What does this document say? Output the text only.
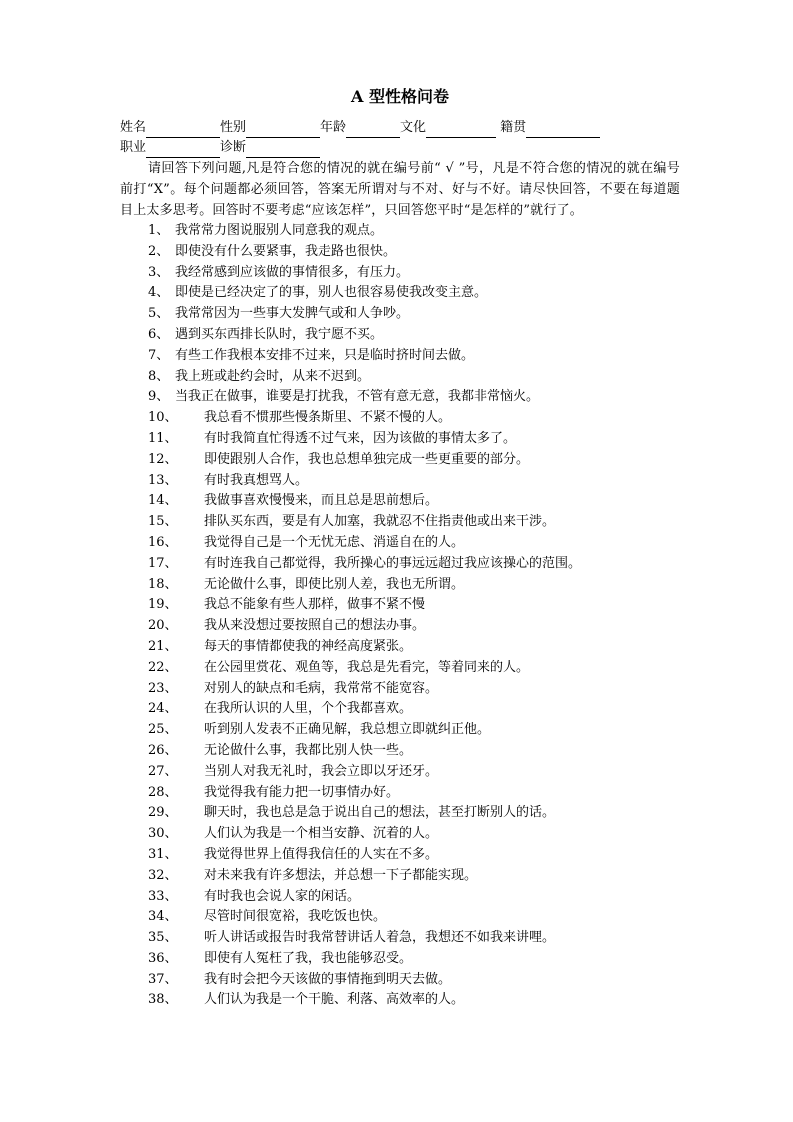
A 型性格问卷
姓名	性别	年龄	文化	籍贯
职业	诊断

请回答下列问题,凡是符合您的情况的就在编号前“ √ ”号，凡是不符合您的情况的就在编号前打“X”。每个问题都必须回答，答案无所谓对与不对、好与不好。请尽快回答，不要在每道题目上太多思考。回答时不要考虑“应该怎样”，只回答您平时“是怎样的”就行了。

1、 我常常力图说服别人同意我的观点。
2、 即使没有什么要紧事，我走路也很快。
3、 我经常感到应该做的事情很多，有压力。
4、 即使是已经决定了的事，别人也很容易使我改变主意。
5、 我常常因为一些事大发脾气或和人争吵。
6、 遇到买东西排长队时，我宁愿不买。
7、 有些工作我根本安排不过来，只是临时挤时间去做。
8、 我上班或赴约会时，从来不迟到。
9、 当我正在做事，谁要是打扰我，不管有意无意，我都非常恼火。
10、 我总看不惯那些慢条斯里、不紧不慢的人。
11、 有时我简直忙得透不过气来，因为该做的事情太多了。
12、 即使跟别人合作，我也总想单独完成一些更重要的部分。
13、 有时我真想骂人。
14、 我做事喜欢慢慢来，而且总是思前想后。
15、 排队买东西，要是有人加塞，我就忍不住指责他或出来干涉。
16、 我觉得自己是一个无忧无虑、消遥自在的人。
17、 有时连我自己都觉得，我所操心的事远远超过我应该操心的范围。
18、 无论做什么事，即使比别人差，我也无所谓。
19、 我总不能象有些人那样，做事不紧不慢
20、 我从来没想过要按照自己的想法办事。
21、 每天的事情都使我的神经高度紧张。
22、 在公园里赏花、观鱼等，我总是先看完，等着同来的人。
23、 对别人的缺点和毛病，我常常不能宽容。
24、 在我所认识的人里，个个我都喜欢。
25、 听到别人发表不正确见解，我总想立即就纠正他。
26、 无论做什么事，我都比别人快一些。
27、 当别人对我无礼时，我会立即以牙还牙。
28、 我觉得我有能力把一切事情办好。
29、 聊天时，我也总是急于说出自己的想法，甚至打断别人的话。
30、 人们认为我是一个相当安静、沉着的人。
31、 我觉得世界上值得我信任的人实在不多。
32、 对未来我有许多想法，并总想一下子都能实现。
33、 有时我也会说人家的闲话。
34、 尽管时间很宽裕，我吃饭也快。
35、 听人讲话或报告时我常替讲话人着急，我想还不如我来讲哩。
36、 即使有人冤枉了我，我也能够忍受。
37、 我有时会把今天该做的事情拖到明天去做。
38、 人们认为我是一个干脆、利落、高效率的人。
